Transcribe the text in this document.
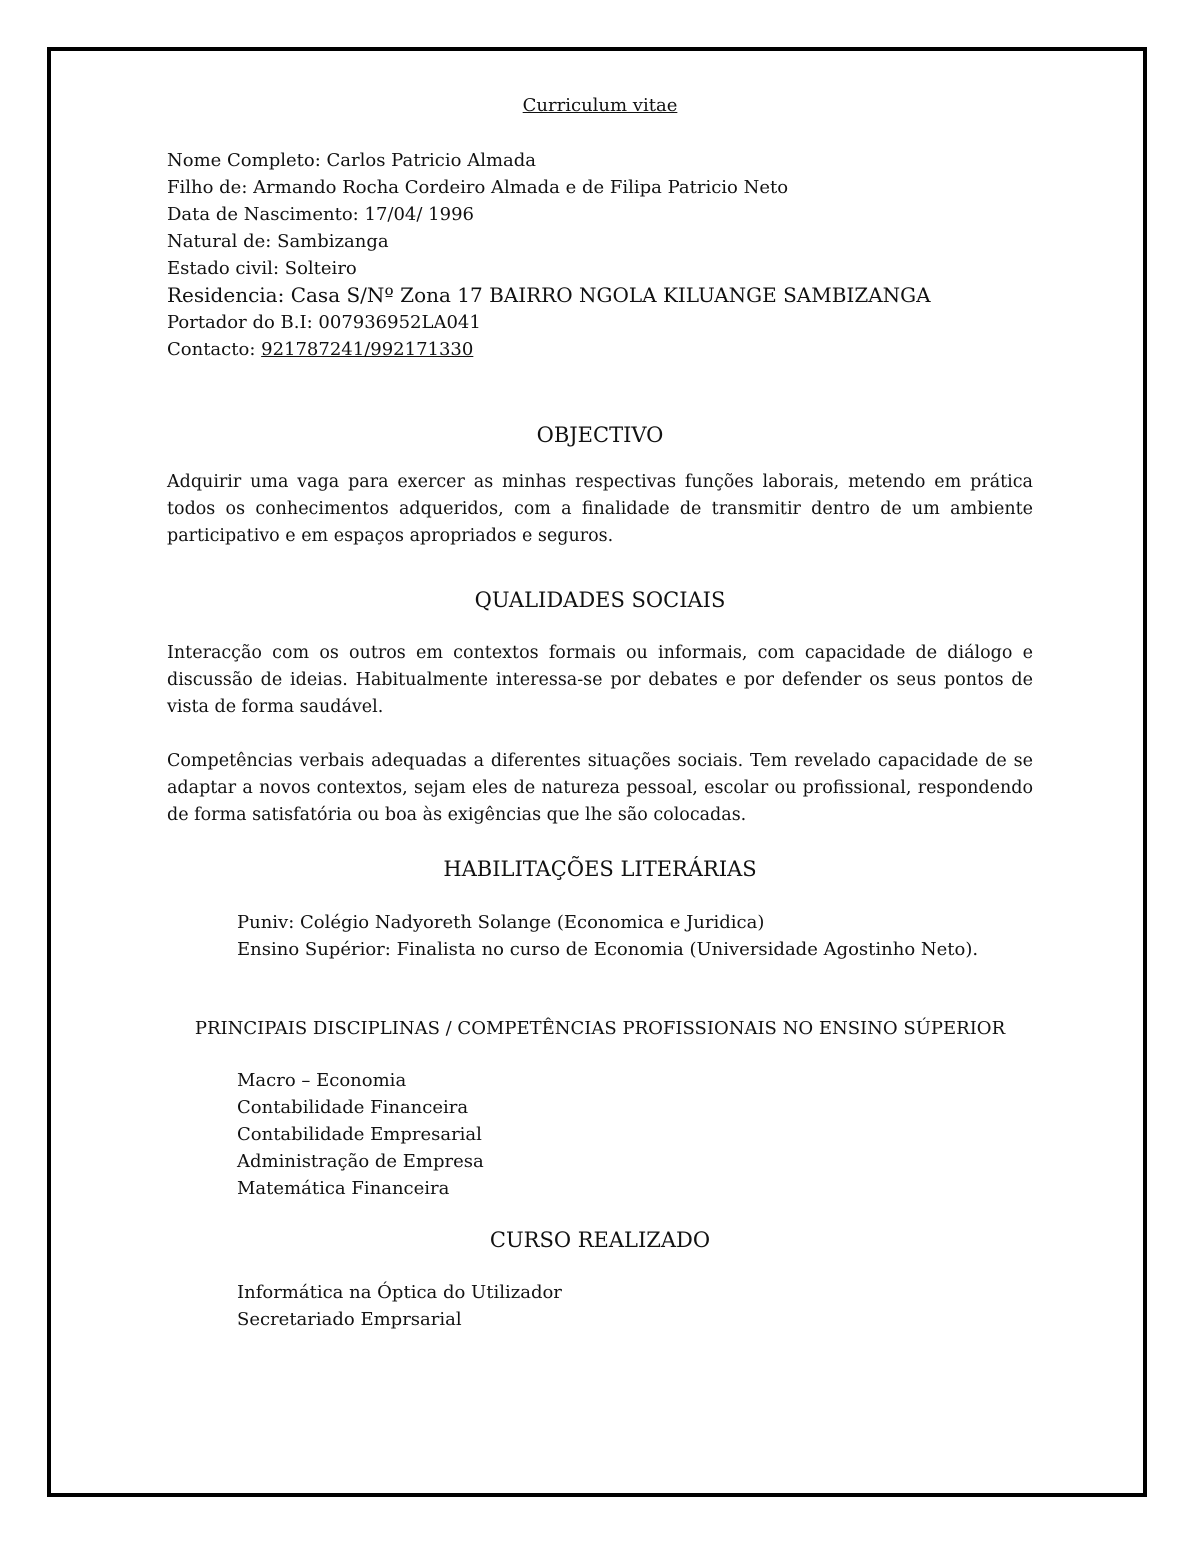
Curriculum vitae
Nome Completo: Carlos Patricio Almada
Filho de: Armando Rocha Cordeiro Almada e de Filipa Patricio Neto
Data de Nascimento: 17/04/ 1996
Natural de: Sambizanga
Estado civil: Solteiro
Residencia: Casa S/Nº Zona 17 BAIRRO NGOLA KILUANGE SAMBIZANGA
Portador do B.I: 007936952LA041
Contacto: 921787241/992171330
OBJECTIVO

Adquirir uma vaga para exercer as minhas respectivas funções laborais, metendo em prática todos os conhecimentos adqueridos, com a finalidade de transmitir dentro de um ambiente participativo e em espaços apropriados e seguros.

QUALIDADES SOCIAIS

Interacção com os outros em contextos formais ou informais, com capacidade de diálogo e discussão de ideias. Habitualmente interessa-se por debates e por defender os seus pontos de vista de forma saudável.

Competências verbais adequadas a diferentes situações sociais. Tem revelado capacidade de se adaptar a novos contextos, sejam eles de natureza pessoal, escolar ou profissional, respondendo de forma satisfatória ou boa às exigências que lhe são colocadas.

HABILITAÇÕES LITERÁRIAS
Puniv: Colégio Nadyoreth Solange (Economica e Juridica)
Ensino Supérior: Finalista no curso de Economia (Universidade Agostinho Neto).
PRINCIPAIS DISCIPLINAS / COMPETÊNCIAS PROFISSIONAIS NO ENSINO SÚPERIOR
Macro – Economia
Contabilidade Financeira
Contabilidade Empresarial
Administração de Empresa
Matemática Financeira
CURSO REALIZADO
Informática na Óptica do Utilizador
Secretariado Emprsarial
